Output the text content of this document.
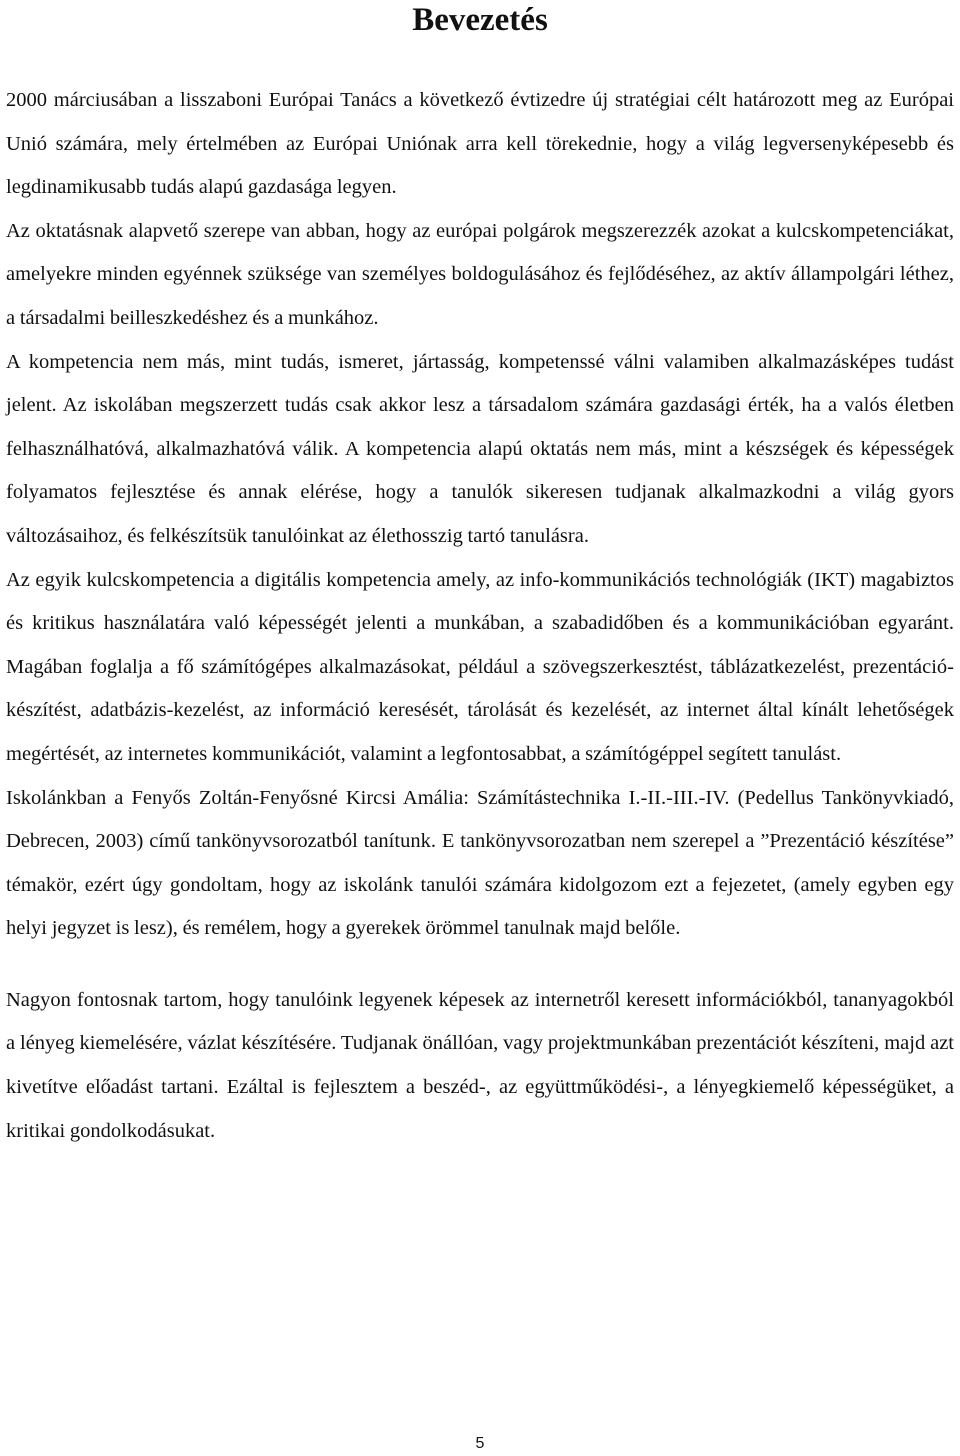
Bevezetés

2000 márciusában a lisszaboni Európai Tanács a következő évtizedre új stratégiai célt határozott meg az Európai Unió számára, mely értelmében az Európai Uniónak arra kell törekednie, hogy a világ legversenyképesebb és legdinamikusabb tudás alapú gazdasága legyen.

Az oktatásnak alapvető szerepe van abban, hogy az európai polgárok megszerezzék azokat a kulcskompetenciákat, amelyekre minden egyénnek szüksége van személyes boldogulásához és fejlődéséhez, az aktív állampolgári léthez, a társadalmi beilleszkedéshez és a munkához.

A kompetencia nem más, mint tudás, ismeret, jártasság, kompetenssé válni valamiben alkalmazásképes tudást jelent. Az iskolában megszerzett tudás csak akkor lesz a társadalom számára gazdasági érték, ha a valós életben felhasználhatóvá, alkalmazhatóvá válik. A kompetencia alapú oktatás nem más, mint a készségek és képességek folyamatos fejlesztése és annak elérése, hogy a tanulók sikeresen tudjanak alkalmazkodni a világ gyors változásaihoz, és felkészítsük tanulóinkat az élethosszig tartó tanulásra.

Az egyik kulcskompetencia a digitális kompetencia amely, az info-kommunikációs technológiák (IKT) magabiztos és kritikus használatára való képességét jelenti a munkában, a szabadidőben és a kommunikációban egyaránt. Magában foglalja a fő számítógépes alkalmazásokat, például a szövegszerkesztést, táblázatkezelést, prezentáció-készítést, adatbázis-kezelést, az információ keresését, tárolását és kezelését, az internet által kínált lehetőségek megértését, az internetes kommunikációt, valamint a legfontosabbat, a számítógéppel segített tanulást.

Iskolánkban a Fenyős Zoltán-Fenyősné Kircsi Amália: Számítástechnika I.-II.-III.-IV. (Pedellus Tankönyvkiadó, Debrecen, 2003) című tankönyvsorozatból tanítunk. E tankönyvsorozatban nem szerepel a ”Prezentáció készítése” témakör, ezért úgy gondoltam, hogy az iskolánk tanulói számára kidolgozom ezt a fejezetet, (amely egyben egy helyi jegyzet is lesz), és remélem, hogy a gyerekek örömmel tanulnak majd belőle.

Nagyon fontosnak tartom, hogy tanulóink legyenek képesek az internetről keresett információkból, tananyagokból a lényeg kiemelésére, vázlat készítésére. Tudjanak önállóan, vagy projektmunkában prezentációt készíteni, majd azt kivetítve előadást tartani. Ezáltal is fejlesztem a beszéd-, az együttműködési-, a lényegkiemelő képességüket, a kritikai gondolkodásukat.

5
